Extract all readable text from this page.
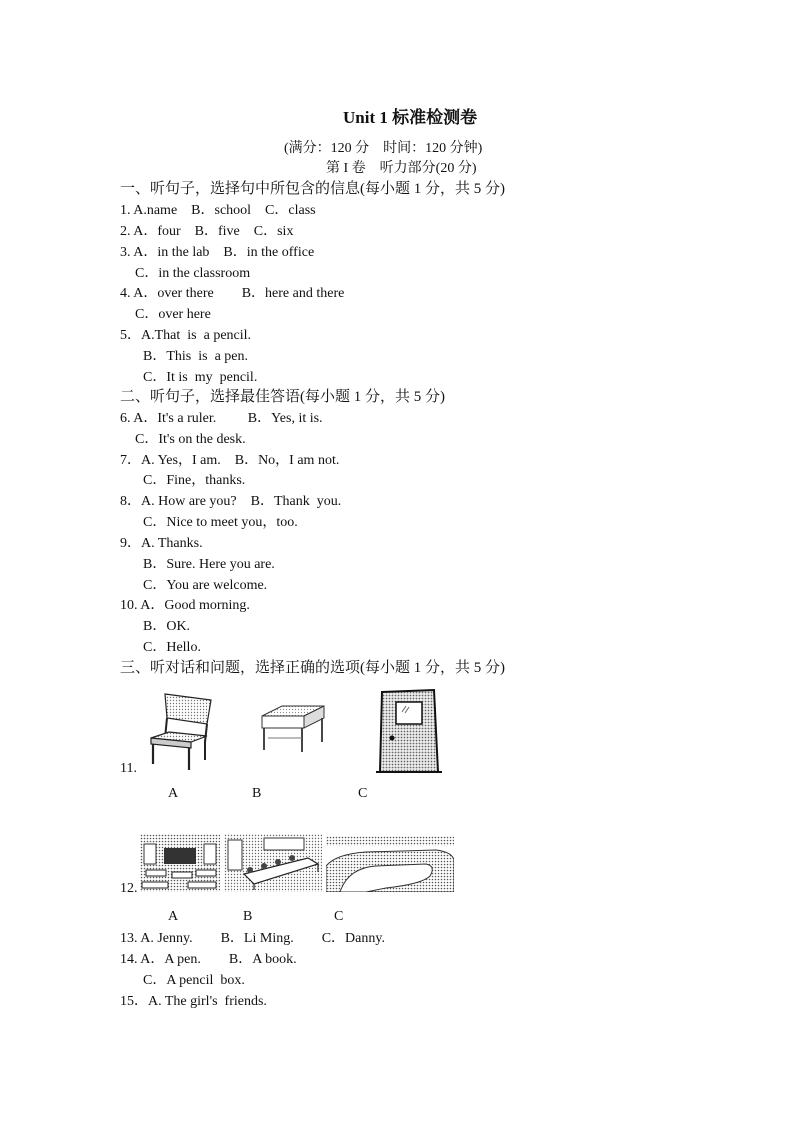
Unit 1 标准检测卷
(满分：120 分　时间：120 分钟)
第 I 卷　听力部分(20 分)
一、听句子，选择句中所包含的信息(每小题 1 分，共 5 分)
1. A.name　B．school　C．class
2. A．four　B．five　C．six
3. A．in the lab　B．in the office
C．in the classroom
4. A．over there　　B．here and there
C．over here
5．A.That  is  a pencil.
B．This  is  a pen.
C．It is  my  pencil.
二、听句子，选择最佳答语(每小题 1 分，共 5 分)
6. A．It's a ruler.　　 B．Yes, it is.
C．It's on the desk.
7．A. Yes，I am.　B．No，I am not.
C．Fine，thanks.
8．A. How are you?　B．Thank  you.
C．Nice to meet you，too.
9．A. Thanks.
B．Sure. Here you are.
C．You are welcome.
10. A．Good morning.
B．OK.
C．Hello.
三、听对话和问题，选择正确的选项(每小题 1 分，共 5 分)
11.
A	B	C
12.
A	B	C
13. A. Jenny.　　B．Li Ming.　　C．Danny.
14. A．A pen.　　B．A book.
C．A pencil  box.
15．A. The girl's  friends.
